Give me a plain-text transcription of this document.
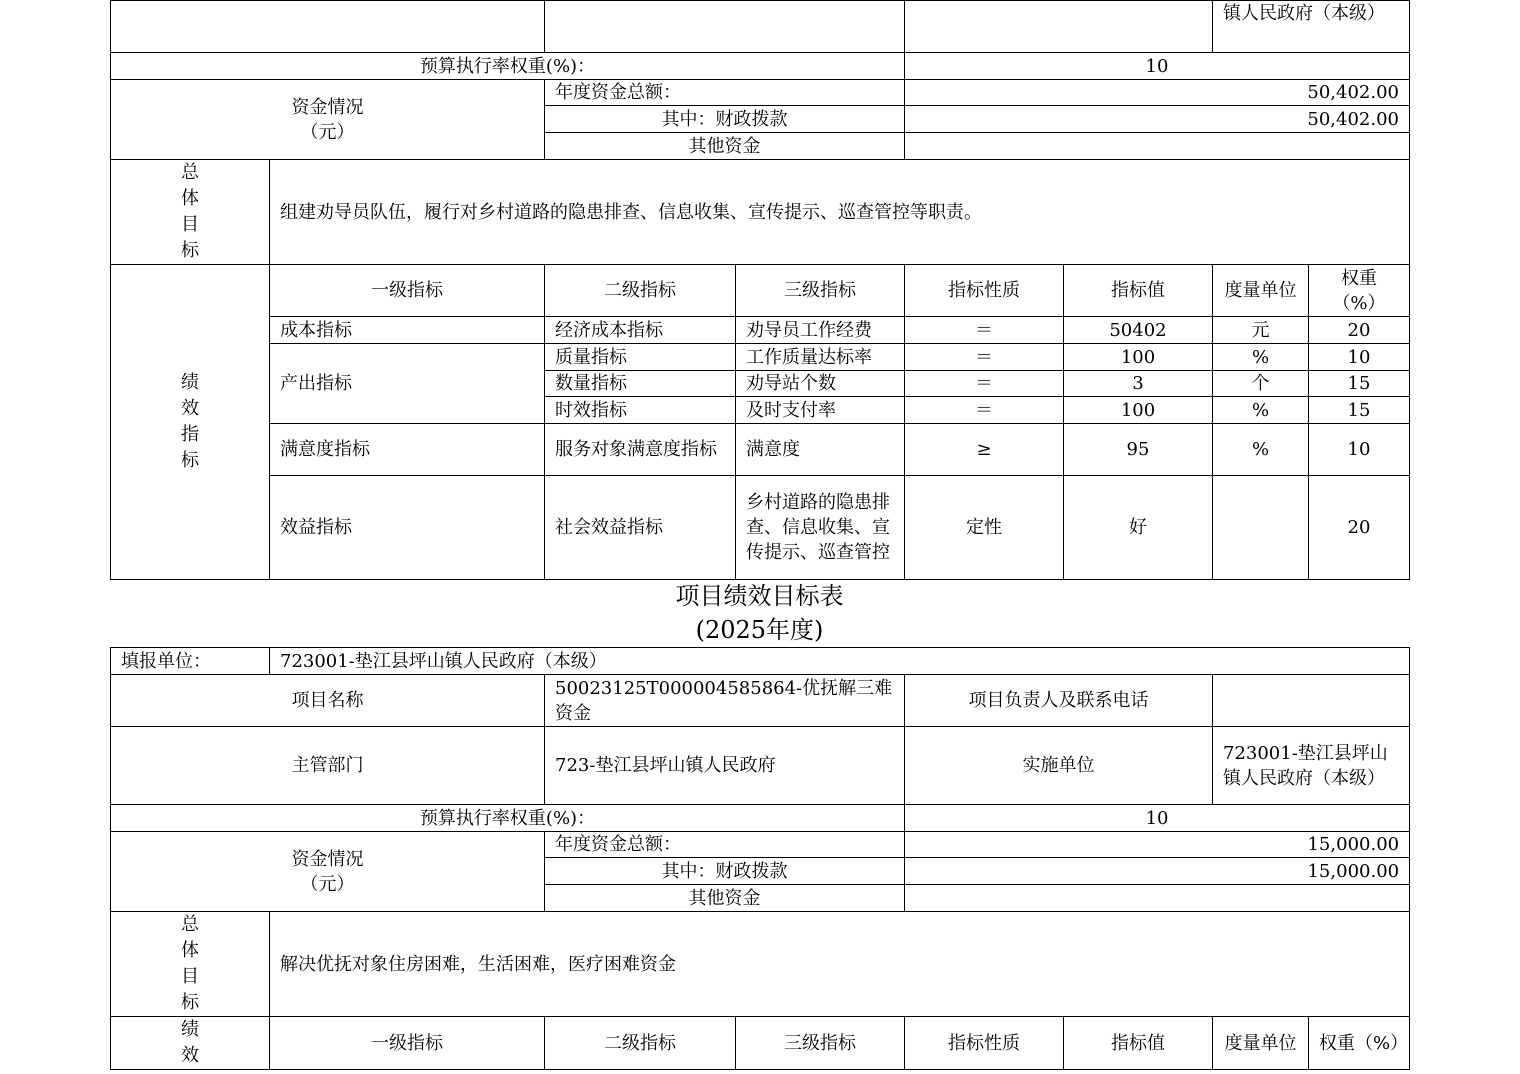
						镇人民政府（本级）	
预算执行率权重(%)：				10			

资金情况
（元）		年度资金总额：		50,402.00			
		其中：财政拨款		50,402.00			
		其他资金					

总
体
目
标	组建劝导员队伍，履行对乡村道路的隐患排查、信息收集、宣传提示、巡查管控等职责。						

绩
效
指
标	一级指标	二级指标	三级指标	指标性质	指标值	度量单位	权重（%）
	成本指标	经济成本指标	劝导员工作经费	＝	50402	元	20
	产出指标	质量指标	工作质量达标率	＝	100	%	10
		数量指标	劝导站个数	＝	3	个	15
		时效指标	及时支付率	＝	100	%	15
	满意度指标	服务对象满意度指标	满意度	≥	95	%	10
	效益指标	社会效益指标	乡村道路的隐患排查、信息收集、宣传提示、巡查管控	定性	好		20
项目绩效目标表
(2025年度)
填报单位：	723001-垫江县坪山镇人民政府（本级）						
项目名称		50023125T000004585864-优抚解三难资金		项目负责人及联系电话			
主管部门		723-垫江县坪山镇人民政府		实施单位		723001-垫江县坪山镇人民政府（本级）	
预算执行率权重(%)：				10			

资金情况
（元）		年度资金总额：		15,000.00			
		其中：财政拨款		15,000.00			
		其他资金					

总
体
目
标	解决优抚对象住房困难，生活困难，医疗困难资金						

绩
效	一级指标	二级指标	三级指标	指标性质	指标值	度量单位	权重（%）
